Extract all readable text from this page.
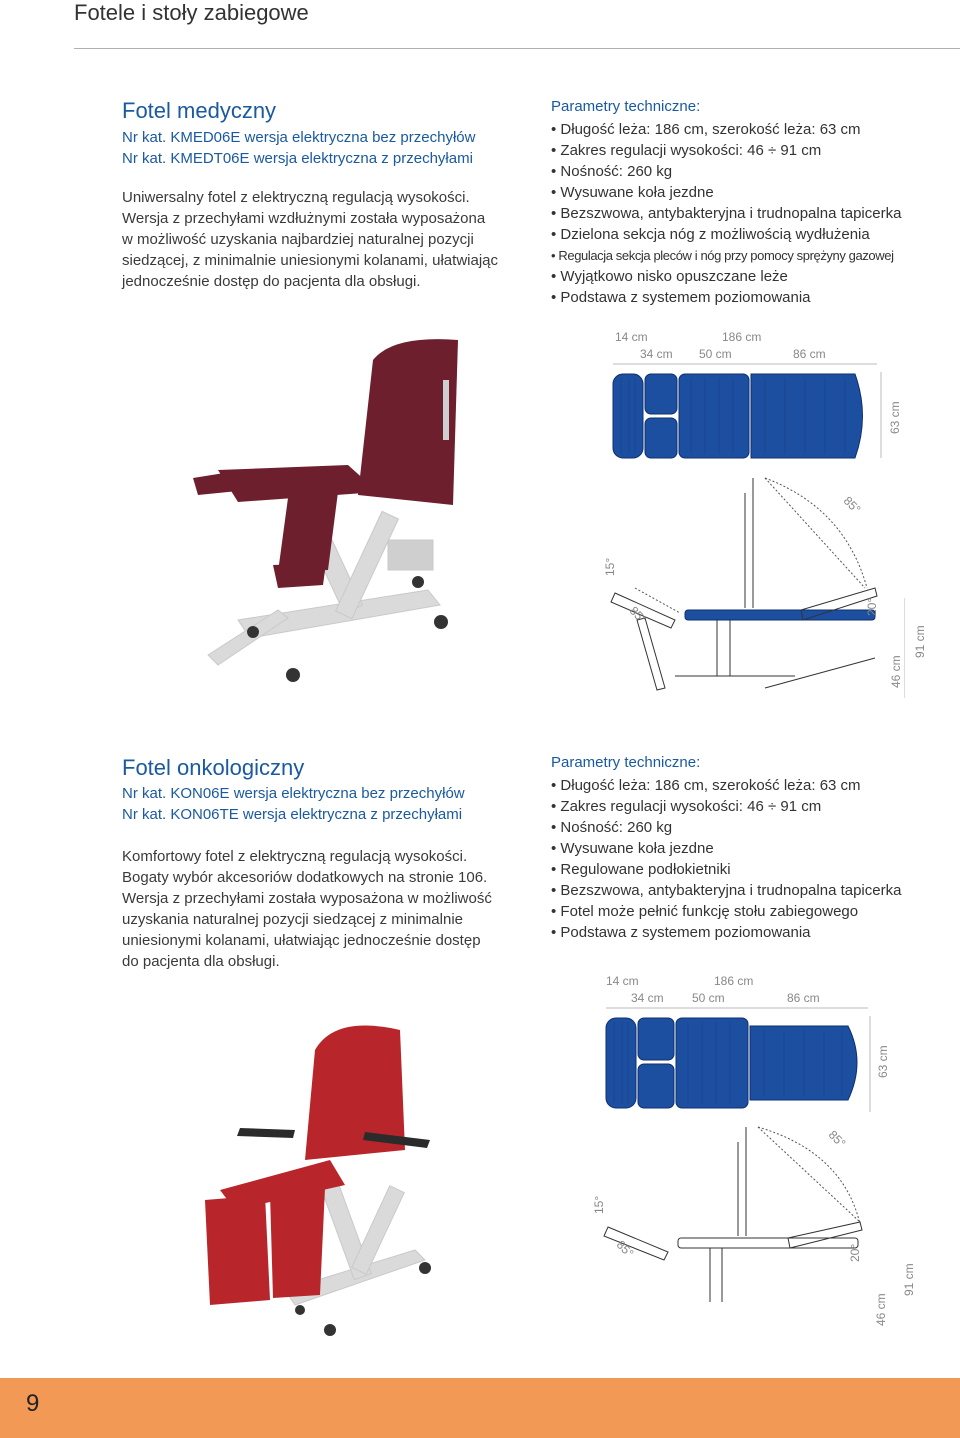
Fotele i stoły zabiegowe
Fotel medyczny
Nr kat. KMED06E wersja elektryczna bez przechyłów
Nr kat. KMEDT06E wersja elektryczna z przechyłami
Uniwersalny fotel z elektryczną regulacją wysokości.
Wersja z przechyłami wzdłużnymi została wyposażona
w możliwość uzyskania najbardziej naturalnej pozycji
siedzącej, z minimalnie uniesionymi kolanami, ułatwiając
jednocześnie dostęp do pacjenta dla obsługi.
Parametry techniczne:
• Długość leża: 186 cm, szerokość leża: 63 cm
• Zakres regulacji wysokości: 46 ÷ 91 cm
• Nośność: 260 kg
• Wysuwane koła jezdne
• Bezszwowa, antybakteryjna i trudnopalna tapicerka
• Dzielona sekcja nóg z możliwością wydłużenia
• Regulacja sekcja pleców i nóg przy pomocy sprężyny gazowej
• Wyjątkowo nisko opuszczane leże
• Podstawa z systemem poziomowania
14 cm	186 cm
34 cm 50 cm	86 cm
63 cm
85°
15°
85°	20°
46 cm
91 cm
Fotel onkologiczny
Nr kat. KON06E wersja elektryczna bez przechyłów
Nr kat. KON06TE wersja elektryczna z przechyłami
Komfortowy fotel z elektryczną regulacją wysokości.
Bogaty wybór akcesoriów dodatkowych na stronie 106.
Wersja z przechyłami została wyposażona w możliwość
uzyskania naturalnej pozycji siedzącej z minimalnie
uniesionymi kolanami, ułatwiając jednocześnie dostęp
do pacjenta dla obsługi.
Parametry techniczne:
• Długość leża: 186 cm, szerokość leża: 63 cm
• Zakres regulacji wysokości: 46 ÷ 91 cm
• Nośność: 260 kg
• Wysuwane koła jezdne
• Regulowane podłokietniki
• Bezszwowa, antybakteryjna i trudnopalna tapicerka
• Fotel może pełnić funkcję stołu zabiegowego
• Podstawa z systemem poziomowania
14 cm	186 cm
34 cm 50 cm	86 cm
63 cm
85°
15°
85°	20°
46 cm
91 cm
9
